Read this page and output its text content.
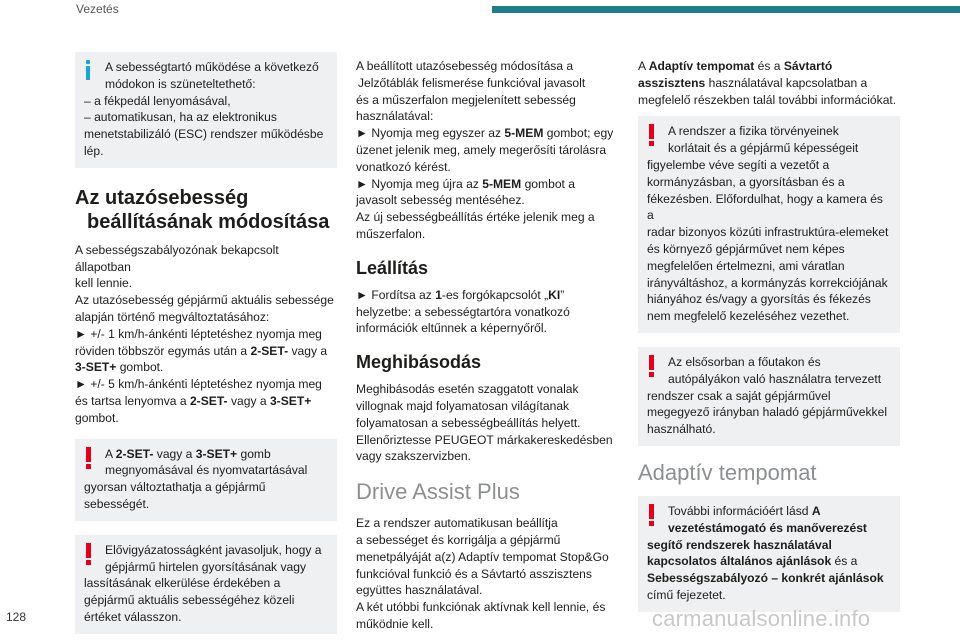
Vezetés

A sebességtartó működése a következő

módokon is szüneteltethető:

– a fékpedál lenyomásával,

– automatikusan, ha az elektronikus

menetstabilizáló (ESC) rendszer működésbe

lép.

Az utazósebesség
beállításának módosítása

A sebességszabályozónak bekapcsolt állapotban

kell lennie.

Az utazósebesség gépjármű aktuális sebessége

alapján történő megváltoztatásához:

► +/- 1 km/h-ánkénti léptetéshez nyomja meg

röviden többször egymás után a 2-SET- vagy a

3-SET+ gombot.

► +/- 5 km/h-ánkénti léptetéshez nyomja meg

és tartsa lenyomva a 2-SET- vagy a 3-SET+

gombot.

A 2-SET- vagy a 3-SET+ gomb

megnyomásával és nyomvatartásával

gyorsan változtathatja a gépjármű

sebességét.

Elővigyázatosságként javasoljuk, hogy a

gépjármű hirtelen gyorsításának vagy

lassításának elkerülése érdekében a

gépjármű aktuális sebességéhez közeli

értéket válasszon.

A beállított utazósebesség módosítása a

Jelzőtáblák felismerése funkcióval javasolt

és a műszerfalon megjelenített sebesség

használatával:

► Nyomja meg egyszer az 5-MEM gombot; egy

üzenet jelenik meg, amely megerősíti tárolásra

vonatkozó kérést.

► Nyomja meg újra az 5-MEM gombot a

javasolt sebesség mentéséhez.

Az új sebességbeállítás értéke jelenik meg a

műszerfalon.

Leállítás

► Fordítsa az 1-es forgókapcsolót „KI”

helyzetbe: a sebességtartóra vonatkozó

információk eltűnnek a képernyőről.

Meghibásodás

Meghibásodás esetén szaggatott vonalak

villognak majd folyamatosan világítanak

folyamatosan a sebességbeállítás helyett.

Ellenőriztesse PEUGEOT márkakereskedésben

vagy szakszervizben.

Drive Assist Plus

Ez a rendszer automatikusan beállítja

a sebességet és korrigálja a gépjármű

menetpályáját a(z) Adaptív tempomat Stop&Go

funkcióval funkció és a Sávtartó asszisztens

együttes használatával.

A két utóbbi funkciónak aktívnak kell lennie, és

működnie kell.

A Adaptív tempomat és a Sávtartó

asszisztens használatával kapcsolatban a

megfelelő részekben talál további információkat.

A rendszer a fizika törvényeinek

korlátait és a gépjármű képességeit

figyelembe véve segíti a vezetőt a

kormányzásban, a gyorsításban és a

fékezésben. Előfordulhat, hogy a kamera és a

radar bizonyos közúti infrastruktúra-elemeket

és környező gépjárművet nem képes

megfelelően értelmezni, ami váratlan

irányváltáshoz, a kormányzás korrekciójának

hiányához és/vagy a gyorsítás és fékezés

nem megfelelő kezeléséhez vezethet.

Az elsősorban a főutakon és

autópályákon való használatra tervezett

rendszer csak a saját gépjárművel

megegyező irányban haladó gépjárművekkel

használható.

Adaptív tempomat

További információért lásd A

vezetéstámogató és manőverezést

segítő rendszerek használatával

kapcsolatos általános ajánlások és a

Sebességszabályozó – konkrét ajánlások

című fejezetet.

128	carmanualsonline.info
